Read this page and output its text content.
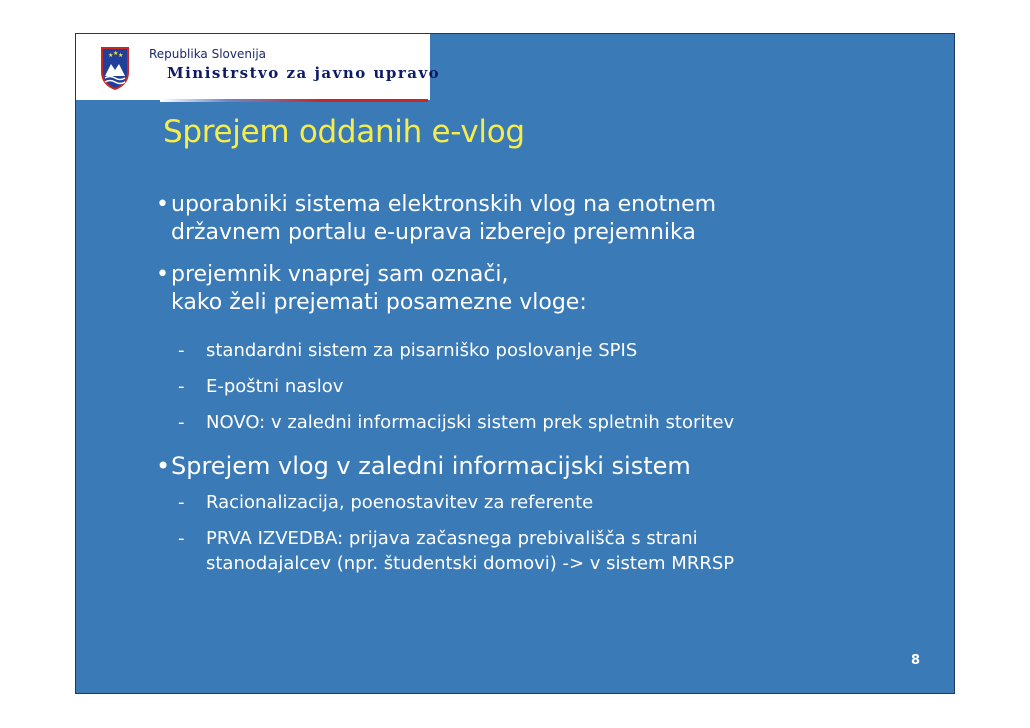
★ ★ ★ Republika Slovenija
Ministrstvo za javno upravo
Sprejem oddanih e-vlog
•uporabniki sistema elektronskih vlog na enotnem
državnem portalu e-uprava izberejo prejemnika
•prejemnik vnaprej sam označi,
kako želi prejemati posamezne vloge:
- standardni sistem za pisarniško poslovanje SPIS
- E-poštni naslov
- NOVO: v zaledni informacijski sistem prek spletnih storitev
•Sprejem vlog v zaledni informacijski sistem
- Racionalizacija, poenostavitev za referente
- PRVA IZVEDBA: prijava začasnega prebivališča s strani
stanodajalcev (npr. študentski domovi) -> v sistem MRRSP
8
